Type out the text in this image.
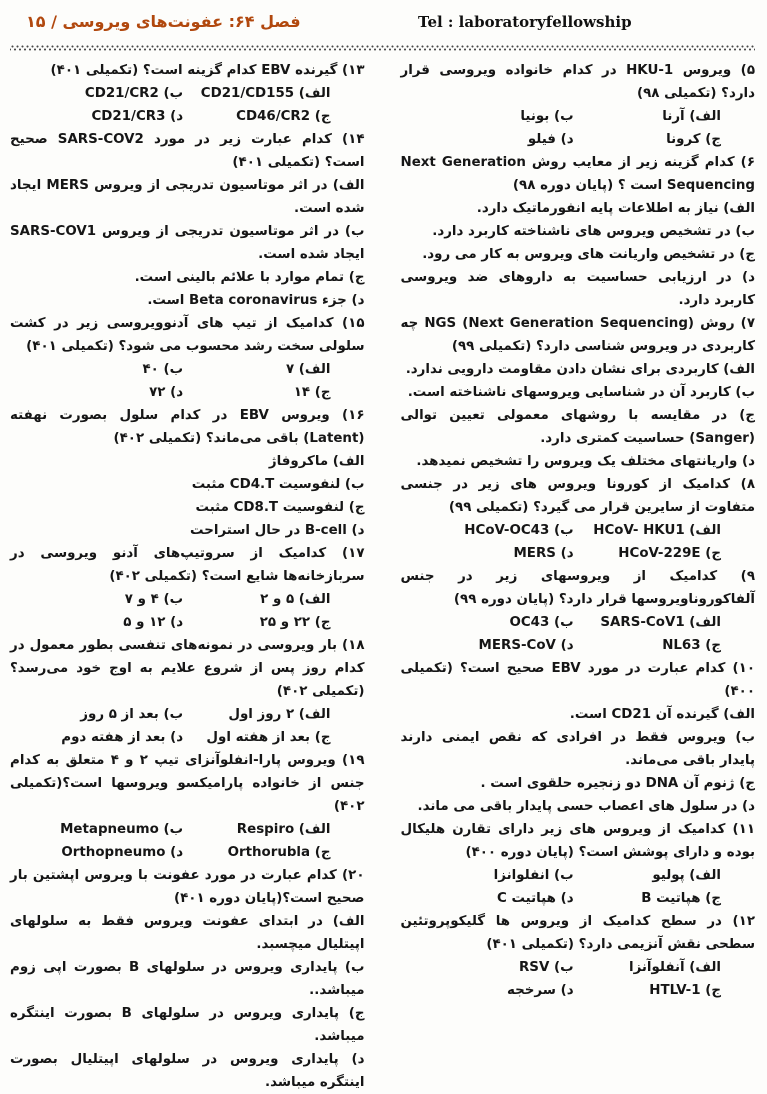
فصل ۶۴: عفونت‌های ویروسی / ۱۵	Tel : laboratoryfellowship

۵) ویروس HKU-1 در کدام خانواده ویروسی قرار دارد؟ (تکمیلی ۹۸)

الف) آرنا
ب) بونیا
ج) کرونا
د) فیلو

۶) کدام گزینه زیر از معایب روش Next Generation Sequencing است ؟ (پایان دوره ۹۸)

الف) نیاز به اطلاعات پایه انفورماتیک دارد.

ب) در تشخیص ویروس های ناشناخته کاربرد دارد.

ج) در تشخیص واریانت های ویروس به کار می رود.

د) در ارزیابی حساسیت به داروهای ضد ویروسی کاربرد دارد.

۷) روش NGS (Next Generation Sequencing) چه کاربردی در ویروس شناسی دارد؟ (تکمیلی ۹۹)

الف) کاربردی برای نشان دادن مقاومت دارویی ندارد.

ب) کاربرد آن در شناسایی ویروسهای ناشناخته است.

ج) در مقایسه با روشهای معمولی تعیین توالی (Sanger) حساسیت کمتری دارد.

د) واریانتهای مختلف یک ویروس را تشخیص نمیدهد.

۸) کدامیک از کورونا ویروس های زیر در جنسی متفاوت از سایرین قرار می گیرد؟ (تکمیلی ۹۹)

الف) HCoV- HKU1
ب) HCoV-OC43
ج) HCoV-229E
د) MERS

۹) کدامیک از ویروسهای زیر در جنس آلفاکوروناویروسها قرار دارد؟ (پایان دوره ۹۹)

الف) SARS-CoV1
ب) OC43
ج) NL63
د) MERS-CoV

۱۰) کدام عبارت در مورد EBV صحیح است؟ (تکمیلی ۴۰۰)

الف) گیرنده آن CD21 است.

ب) ویروس فقط در افرادی که نقص ایمنی دارند پایدار باقی می‌ماند.

ج) ژنوم آن DNA دو زنجیره حلقوی است .

د) در سلول های اعصاب حسی پایدار باقی می ماند.

۱۱) کدامیک از ویروس های زیر دارای تقارن هلیکال بوده و دارای پوشش است؟ (پایان دوره ۴۰۰)

الف) پولیو
ب) انفلوانزا
ج) هپاتیت B
د) هپاتیت C

۱۲) در سطح کدامیک از ویروس ها گلیکوپروتئین سطحی نقش آنزیمی دارد؟ (تکمیلی ۴۰۱)

الف) آنفلوآنزا
ب) RSV
ج) HTLV-1
د) سرخجه

۱۳) گیرنده EBV کدام گزینه است؟ (تکمیلی ۴۰۱)

الف) CD21/CD155
ب) CD21/CR2
ج) CD46/CR2
د) CD21/CR3

۱۴) کدام عبارت زیر در مورد SARS-COV2 صحیح است؟ (تکمیلی ۴۰۱)

الف) در اثر موتاسیون تدریجی از ویروس MERS ایجاد شده است.

ب) در اثر موتاسیون تدریجی از ویروس SARS-COV1 ایجاد شده است.

ج) تمام موارد با علائم بالینی است.

د) جزء Beta coronavirus است.

۱۵) کدامیک از تیپ های آدنوویروسی زیر در کشت سلولی سخت رشد محسوب می شود؟ (تکمیلی ۴۰۱)

الف) ۷
ب) ۴۰
ج) ۱۴
د) ۷۲

۱۶) ویروس EBV در کدام سلول بصورت نهفته (Latent) باقی می‌ماند؟ (تکمیلی ۴۰۲)

الف) ماکروفاژ

ب) لنفوسیت CD4.T مثبت

ج) لنفوسیت CD8.T مثبت

د) B-cell در حال استراحت

۱۷) کدامیک از سروتیپ‌های آدنو ویروسی در سربازخانه‌ها شایع است؟ (تکمیلی ۴۰۲)

الف) ۵ و ۲
ب) ۴ و ۷
ج) ۲۲ و ۲۵
د) ۱۲ و ۵

۱۸) بار ویروسی در نمونه‌های تنفسی بطور معمول در کدام روز پس از شروع علایم به اوج خود می‌رسد؟ (تکمیلی ۴۰۲)

الف) ۲ روز اول
ب) بعد از ۵ روز
ج) بعد از هفته اول
د) بعد از هفته دوم

۱۹) ویروس پارا-انفلوآنزای تیپ ۲ و ۴ متعلق به کدام جنس از خانواده پارامیکسو ویروسها است؟(تکمیلی ۴۰۲)

الف) Respiro
ب) Metapneumo
ج) Orthorubla
د) Orthopneumo

۲۰) کدام عبارت در مورد عفونت با ویروس اپشتین بار صحیح است؟(پایان دوره ۴۰۱)

الف) در ابتدای عفونت ویروس فقط به سلولهای اپیتلیال میچسبد.

ب) پایداری ویروس در سلولهای B بصورت اپی زوم میباشد..

ج) پایداری ویروس در سلولهای B بصورت اینتگره میباشد.

د) پایداری ویروس در سلولهای اپیتلیال بصورت اینتگره میباشد.
